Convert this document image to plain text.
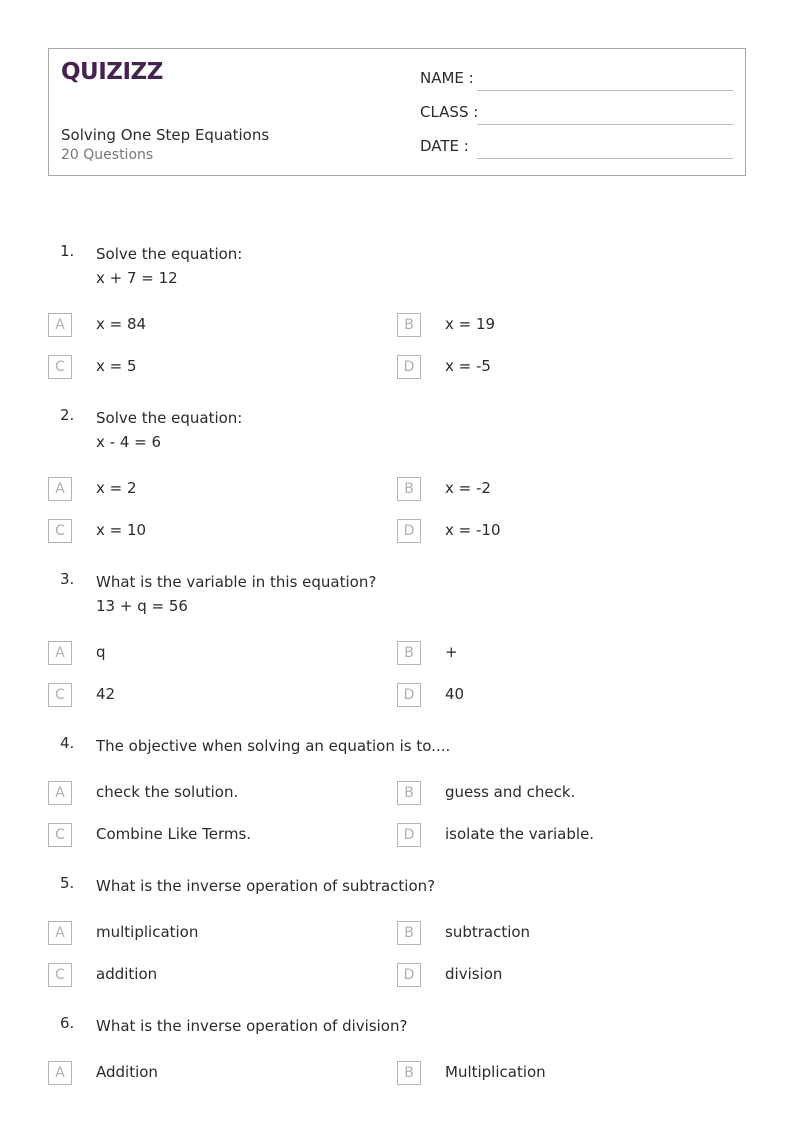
QUIZIZZ
Solving One Step Equations
20 Questions
NAME :
CLASS :
DATE :
1. Solve the equation:
x + 7 = 12
A	x = 84	B	x = 19
C	x = 5	D	x = -5
2. Solve the equation:
x - 4 = 6
A	x = 2	B	x = -2
C	x = 10	D	x = -10
3. What is the variable in this equation?
13 + q = 56
A	q	B	+
C	42	D	40
4. The objective when solving an equation is to....
A	check the solution.	B	guess and check.
C	Combine Like Terms.	D	isolate the variable.
5. What is the inverse operation of subtraction?
A	multiplication	B	subtraction
C	addition	D	division
6. What is the inverse operation of division?
A	Addition	B	Multiplication
